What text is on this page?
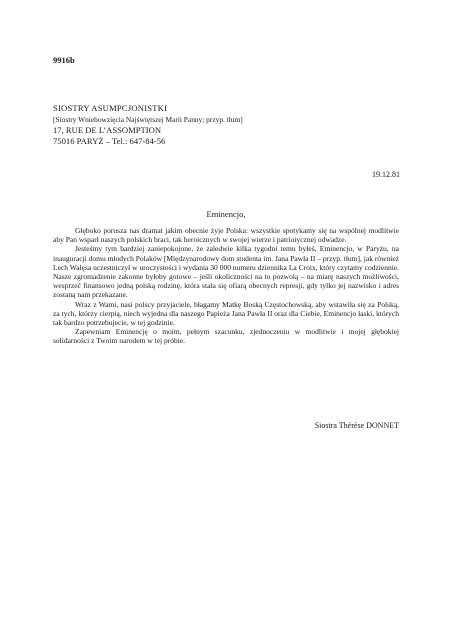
9916b
SIOSTRY ASUMPCJONISTKI
[Siostry Wniebowzięcia Najświętszej Marii Panny; przyp. tłum]
17, RUE DE L’ASSOMPTION
75016 PARYŻ – Tel.: 647-84-56
19.12.81
Eminencjo,

Głęboko porusza nas dramat jakim obecnie żyje Polska: wszystkie spotykamy się na wspólnej modlitwie aby Pan wsparł naszych polskich braci, tak heroicznych w swojej wierze i patriotycznej odwadze.

Jesteśmy tym bardziej zaniepokojone, że zaledwie kilka tygodni temu byłeś, Eminencjo, w Paryżu, na inauguracji domu młodych Polaków [Międzynarodowy dom studenta im. Jana Pawła II – przyp. tłum], jak również Lech Wałęsa uczestniczył w uroczystości i wydania 30 000 numeru dziennika La Croix, który czytamy codziennie. Nasze zgromadzenie zakonne byłoby gotowe – jeśli okoliczności na to pozwolą – na miarę naszych możliwości, wesprzeć finansowo jedną polską rodzinę, która stała się ofiarą obecnych represji, gdy tylko jej nazwisko i adres zostaną nam przekazane.

Wraz z Wami, nasi polscy przyjaciele, błagamy Matkę Boską Częstochowską, aby wstawiła się za Polską, za tych, którzy cierpią, niech wyjedna dla naszego Papieża Jana Pawła II oraz dla Ciebie, Eminencjo łaski, których tak bardzo potrzebujecie, w tej godzinie.

Zapewniam Eminencję o moim, pełnym szacunku, zjednoczeniu w modlitwie i mojej głębokiej solidarności z Twoim narodem w tej próbie.

Siostra Thérèse DONNET
